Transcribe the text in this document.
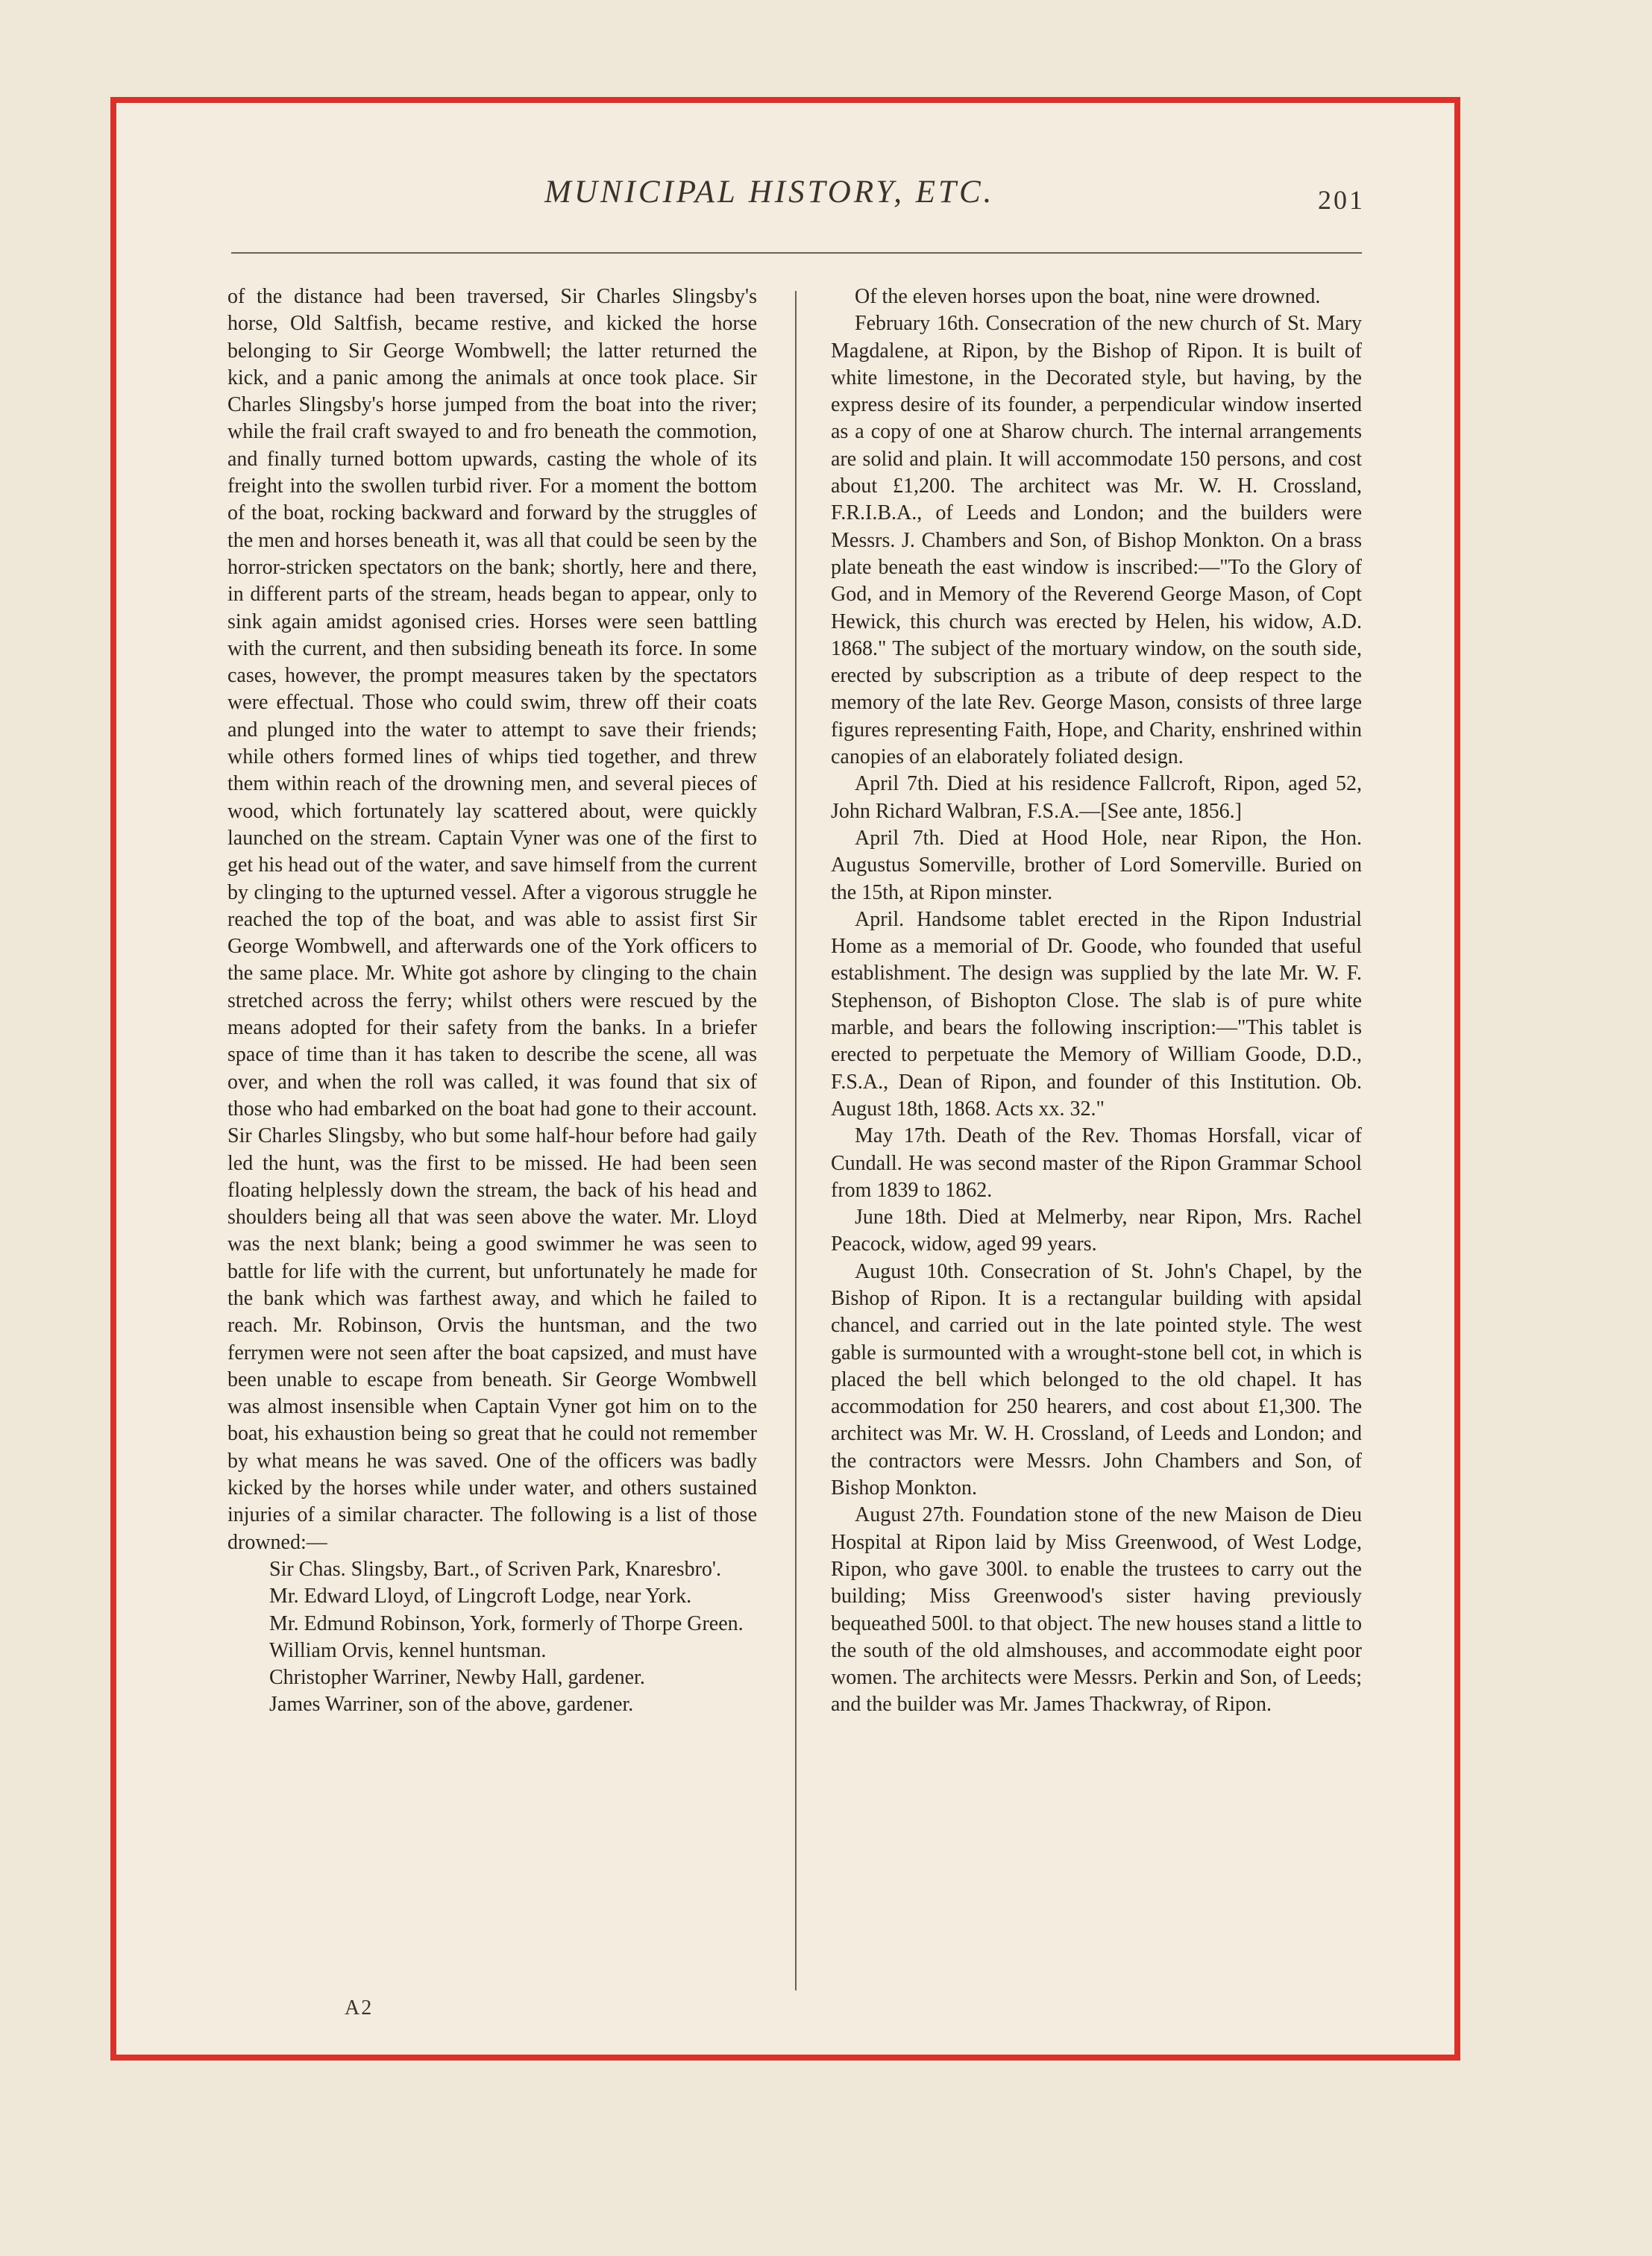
MUNICIPAL HISTORY, ETC.	201

of the distance had been traversed, Sir Charles Slingsby's horse, Old Saltfish, became restive, and kicked the horse belonging to Sir George Wombwell; the latter returned the kick, and a panic among the animals at once took place. Sir Charles Slingsby's horse jumped from the boat into the river; while the frail craft swayed to and fro beneath the commotion, and finally turned bottom upwards, casting the whole of its freight into the swollen turbid river. For a moment the bottom of the boat, rocking backward and forward by the struggles of the men and horses beneath it, was all that could be seen by the horror-stricken spectators on the bank; shortly, here and there, in different parts of the stream, heads began to appear, only to sink again amidst agonised cries. Horses were seen battling with the current, and then subsiding beneath its force. In some cases, however, the prompt measures taken by the spectators were effectual. Those who could swim, threw off their coats and plunged into the water to attempt to save their friends; while others formed lines of whips tied together, and threw them within reach of the drowning men, and several pieces of wood, which fortunately lay scattered about, were quickly launched on the stream. Captain Vyner was one of the first to get his head out of the water, and save himself from the current by clinging to the upturned vessel. After a vigorous struggle he reached the top of the boat, and was able to assist first Sir George Wombwell, and afterwards one of the York officers to the same place. Mr. White got ashore by clinging to the chain stretched across the ferry; whilst others were rescued by the means adopted for their safety from the banks. In a briefer space of time than it has taken to describe the scene, all was over, and when the roll was called, it was found that six of those who had embarked on the boat had gone to their account. Sir Charles Slingsby, who but some half-hour before had gaily led the hunt, was the first to be missed. He had been seen floating helplessly down the stream, the back of his head and shoulders being all that was seen above the water. Mr. Lloyd was the next blank; being a good swimmer he was seen to battle for life with the current, but unfortunately he made for the bank which was farthest away, and which he failed to reach. Mr. Robinson, Orvis the huntsman, and the two ferrymen were not seen after the boat capsized, and must have been unable to escape from beneath. Sir George Wombwell was almost insensible when Captain Vyner got him on to the boat, his exhaustion being so great that he could not remember by what means he was saved. One of the officers was badly kicked by the horses while under water, and others sustained injuries of a similar character. The following is a list of those drowned:—

Sir Chas. Slingsby, Bart., of Scriven Park, Knaresbro'.

Mr. Edward Lloyd, of Lingcroft Lodge, near York.

Mr. Edmund Robinson, York, formerly of Thorpe Green.

William Orvis, kennel huntsman.

Christopher Warriner, Newby Hall, gardener.

James Warriner, son of the above, gardener.

A2

Of the eleven horses upon the boat, nine were drowned.

February 16th. Consecration of the new church of St. Mary Magdalene, at Ripon, by the Bishop of Ripon. It is built of white limestone, in the Decorated style, but having, by the express desire of its founder, a perpendicular window inserted as a copy of one at Sharow church. The internal arrangements are solid and plain. It will accommodate 150 persons, and cost about £1,200. The architect was Mr. W. H. Crossland, F.R.I.B.A., of Leeds and London; and the builders were Messrs. J. Chambers and Son, of Bishop Monkton. On a brass plate beneath the east window is inscribed:—"To the Glory of God, and in Memory of the Reverend George Mason, of Copt Hewick, this church was erected by Helen, his widow, A.D. 1868." The subject of the mortuary window, on the south side, erected by subscription as a tribute of deep respect to the memory of the late Rev. George Mason, consists of three large figures representing Faith, Hope, and Charity, enshrined within canopies of an elaborately foliated design.

April 7th. Died at his residence Fallcroft, Ripon, aged 52, John Richard Walbran, F.S.A.—[See ante, 1856.]

April 7th. Died at Hood Hole, near Ripon, the Hon. Augustus Somerville, brother of Lord Somerville. Buried on the 15th, at Ripon minster.

April. Handsome tablet erected in the Ripon Industrial Home as a memorial of Dr. Goode, who founded that useful establishment. The design was supplied by the late Mr. W. F. Stephenson, of Bishopton Close. The slab is of pure white marble, and bears the following inscription:—"This tablet is erected to perpetuate the Memory of William Goode, D.D., F.S.A., Dean of Ripon, and founder of this Institution. Ob. August 18th, 1868. Acts xx. 32."

May 17th. Death of the Rev. Thomas Horsfall, vicar of Cundall. He was second master of the Ripon Grammar School from 1839 to 1862.

June 18th. Died at Melmerby, near Ripon, Mrs. Rachel Peacock, widow, aged 99 years.

August 10th. Consecration of St. John's Chapel, by the Bishop of Ripon. It is a rectangular building with apsidal chancel, and carried out in the late pointed style. The west gable is surmounted with a wrought-stone bell cot, in which is placed the bell which belonged to the old chapel. It has accommodation for 250 hearers, and cost about £1,300. The architect was Mr. W. H. Crossland, of Leeds and London; and the contractors were Messrs. John Chambers and Son, of Bishop Monkton.

August 27th. Foundation stone of the new Maison de Dieu Hospital at Ripon laid by Miss Greenwood, of West Lodge, Ripon, who gave 300l. to enable the trustees to carry out the building; Miss Greenwood's sister having previously bequeathed 500l. to that object. The new houses stand a little to the south of the old almshouses, and accommodate eight poor women. The architects were Messrs. Perkin and Son, of Leeds; and the builder was Mr. James Thackwray, of Ripon.
